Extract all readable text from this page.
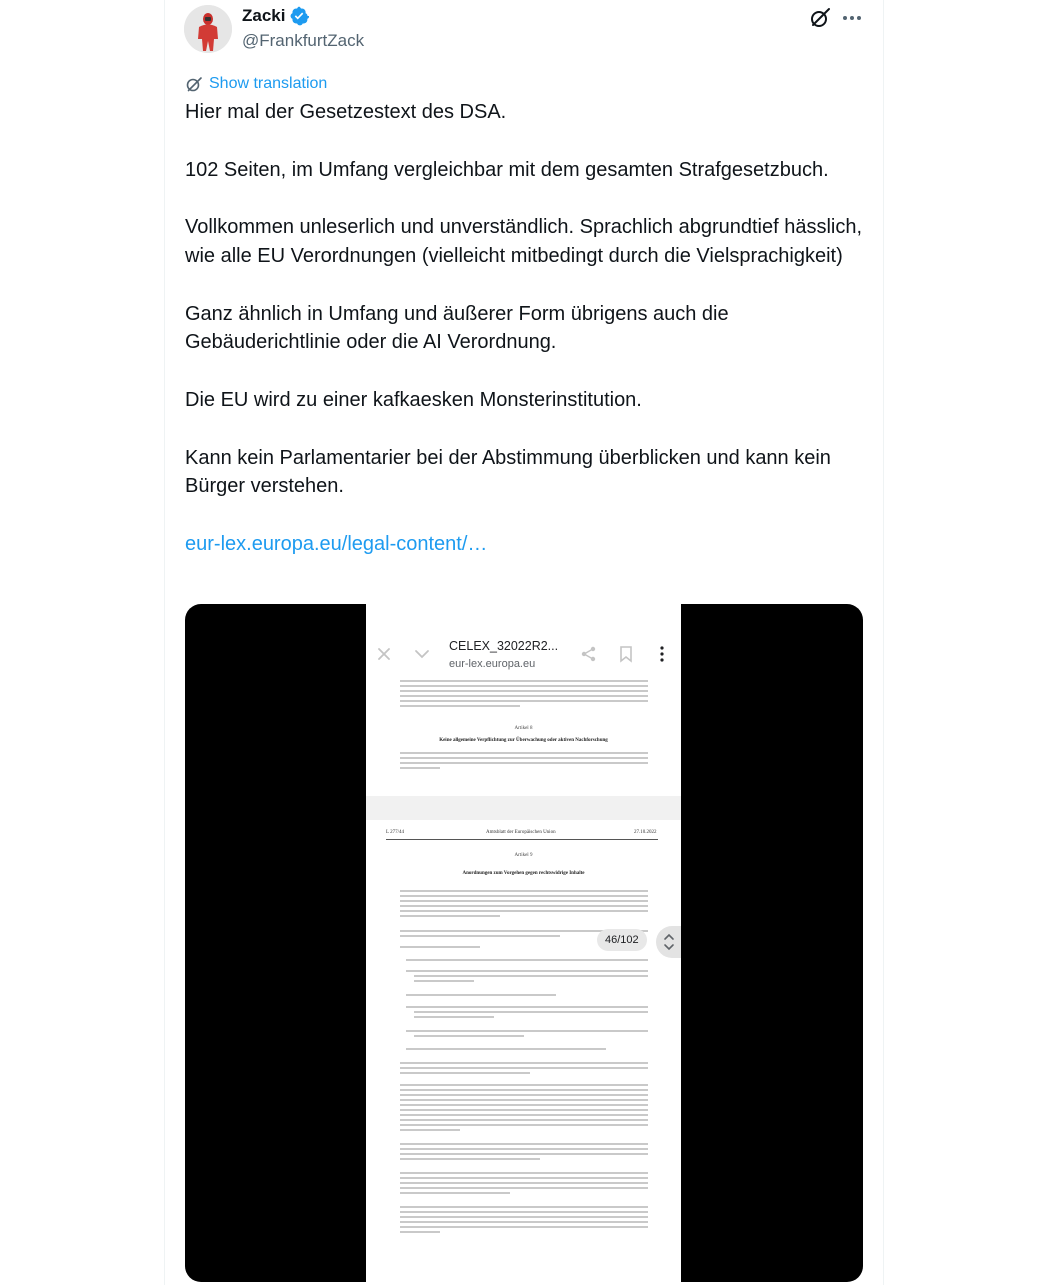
Zacki
@FrankfurtZack
Show translation

Hier mal der Gesetzestext des DSA.

102 Seiten, im Umfang vergleichbar mit dem gesamten Strafgesetzbuch.

Vollkommen unleserlich und unverständlich. Sprachlich abgrundtief hässlich, wie alle EU Verordnungen (vielleicht mitbedingt durch die Vielsprachigkeit)

Ganz ähnlich in Umfang und äußerer Form übrigens auch die Gebäuderichtlinie oder die AI Verordnung.

Die EU wird zu einer kafkaesken Monsterinstitution.

Kann kein Parlamentarier bei der Abstimmung überblicken und kann kein Bürger verstehen.

eur-lex.europa.eu/legal-content/…

CELEX_32022R2...
eur-lex.europa.eu
Artikel 8
Keine allgemeine Verpflichtung zur Überwachung oder aktiven Nachforschung
L 277/44	Amtsblatt der Europäischen Union	27.10.2022
Artikel 9
Anordnungen zum Vorgehen gegen rechtswidrige Inhalte
46/102
0:45
